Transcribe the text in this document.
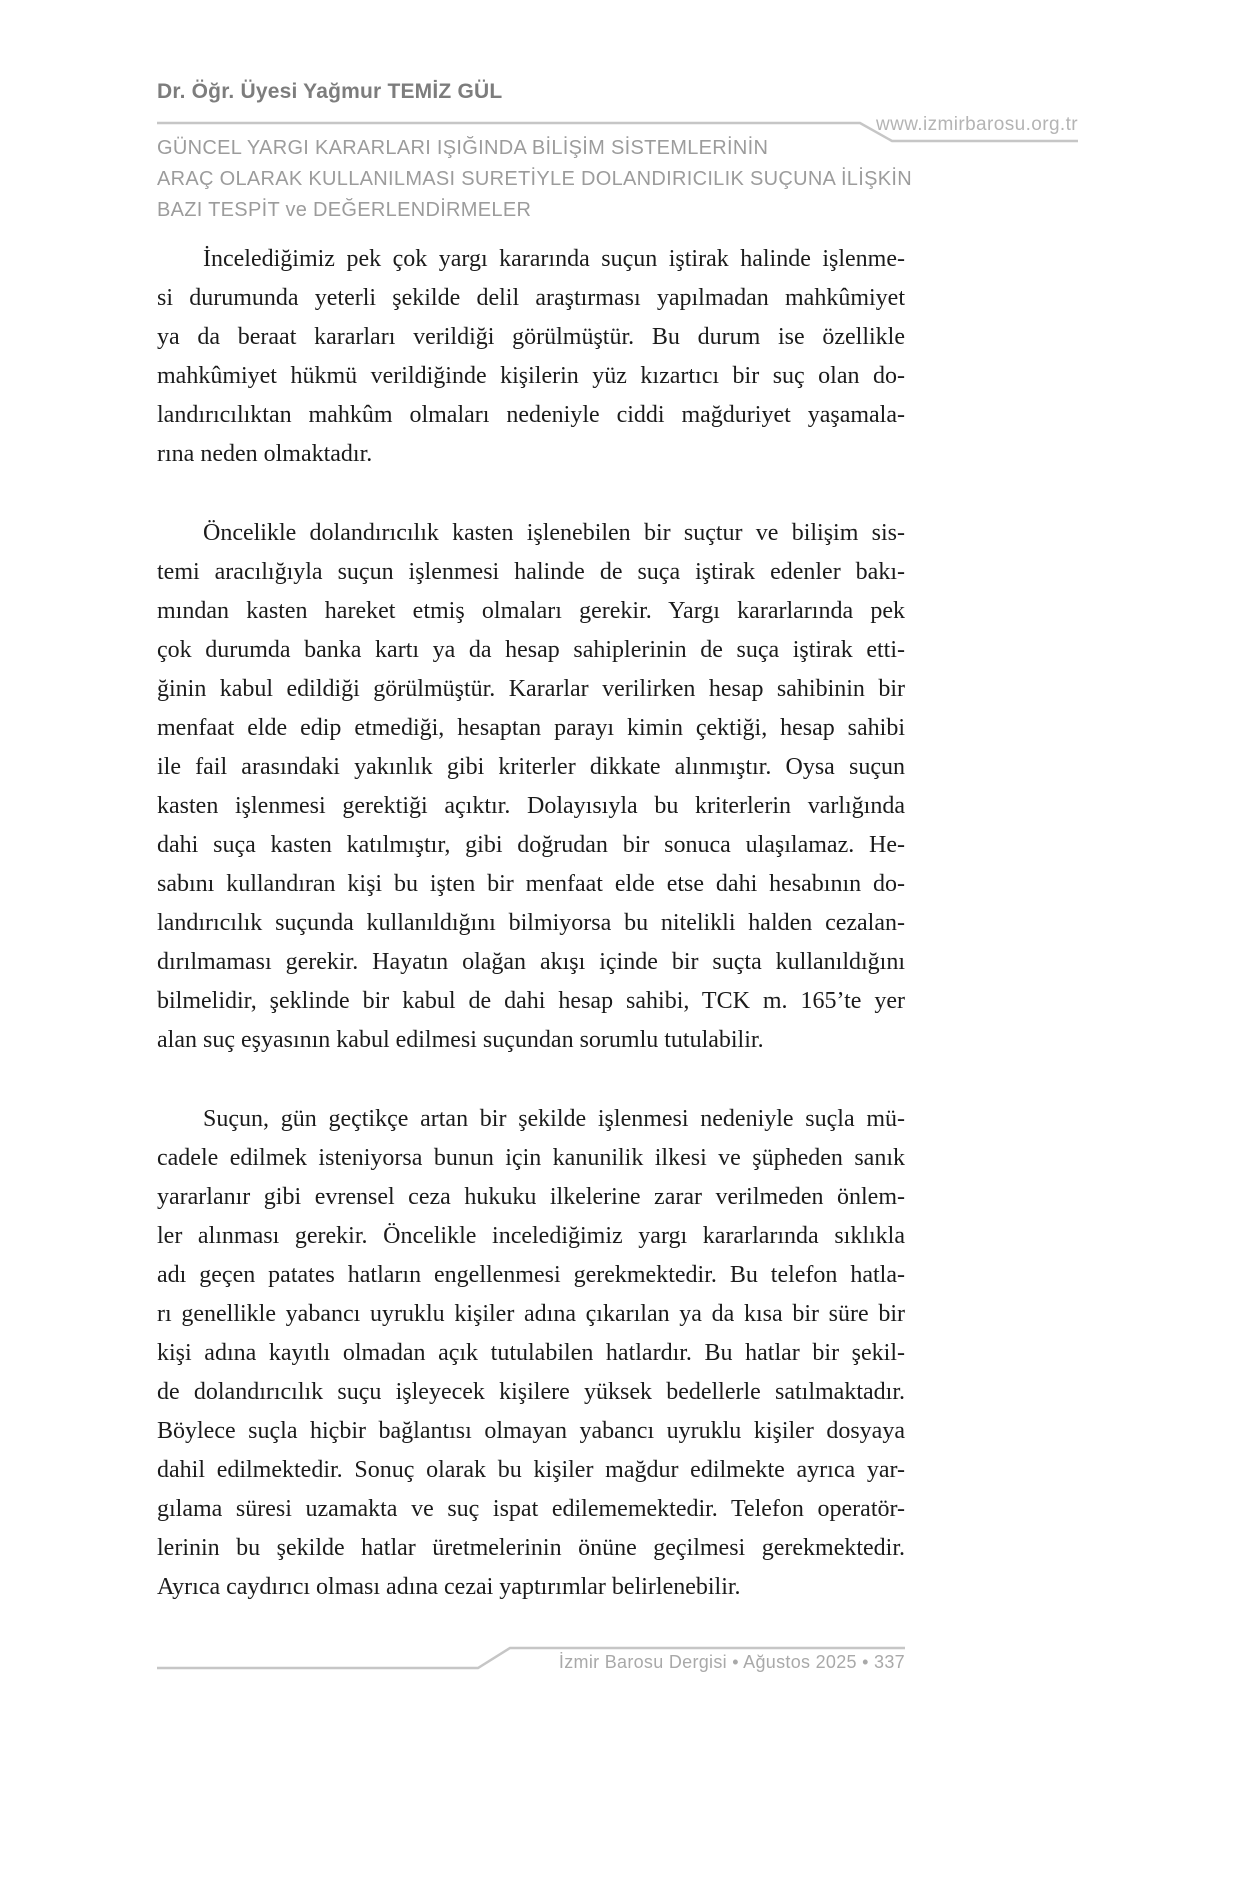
Dr. Öğr. Üyesi Yağmur TEMİZ GÜL
www.izmirbarosu.org.tr
GÜNCEL YARGI KARARLARI IŞIĞINDA BİLİŞİM SİSTEMLERİNİN
ARAÇ OLARAK KULLANILMASI SURETİYLE DOLANDIRICILIK SUÇUNA İLİŞKİN
BAZI TESPİT ve DEĞERLENDİRMELER
İncelediğimiz pek çok yargı kararında suçun iştirak halinde işlenme-
si durumunda yeterli şekilde delil araştırması yapılmadan mahkûmiyet
ya da beraat kararları verildiği görülmüştür. Bu durum ise özellikle
mahkûmiyet hükmü verildiğinde kişilerin yüz kızartıcı bir suç olan do-
landırıcılıktan mahkûm olmaları nedeniyle ciddi mağduriyet yaşamala-
rına neden olmaktadır.
Öncelikle dolandırıcılık kasten işlenebilen bir suçtur ve bilişim sis-
temi aracılığıyla suçun işlenmesi halinde de suça iştirak edenler bakı-
mından kasten hareket etmiş olmaları gerekir. Yargı kararlarında pek
çok durumda banka kartı ya da hesap sahiplerinin de suça iştirak etti-
ğinin kabul edildiği görülmüştür. Kararlar verilirken hesap sahibinin bir
menfaat elde edip etmediği, hesaptan parayı kimin çektiği, hesap sahibi
ile fail arasındaki yakınlık gibi kriterler dikkate alınmıştır. Oysa suçun
kasten işlenmesi gerektiği açıktır. Dolayısıyla bu kriterlerin varlığında
dahi suça kasten katılmıştır, gibi doğrudan bir sonuca ulaşılamaz. He-
sabını kullandıran kişi bu işten bir menfaat elde etse dahi hesabının do-
landırıcılık suçunda kullanıldığını bilmiyorsa bu nitelikli halden cezalan-
dırılmaması gerekir. Hayatın olağan akışı içinde bir suçta kullanıldığını
bilmelidir, şeklinde bir kabul de dahi hesap sahibi, TCK m. 165’te yer
alan suç eşyasının kabul edilmesi suçundan sorumlu tutulabilir.
Suçun, gün geçtikçe artan bir şekilde işlenmesi nedeniyle suçla mü-
cadele edilmek isteniyorsa bunun için kanunilik ilkesi ve şüpheden sanık
yararlanır gibi evrensel ceza hukuku ilkelerine zarar verilmeden önlem-
ler alınması gerekir. Öncelikle incelediğimiz yargı kararlarında sıklıkla
adı geçen patates hatların engellenmesi gerekmektedir. Bu telefon hatla-
rı genellikle yabancı uyruklu kişiler adına çıkarılan ya da kısa bir süre bir
kişi adına kayıtlı olmadan açık tutulabilen hatlardır. Bu hatlar bir şekil-
de dolandırıcılık suçu işleyecek kişilere yüksek bedellerle satılmaktadır.
Böylece suçla hiçbir bağlantısı olmayan yabancı uyruklu kişiler dosyaya
dahil edilmektedir. Sonuç olarak bu kişiler mağdur edilmekte ayrıca yar-
gılama süresi uzamakta ve suç ispat edilememektedir. Telefon operatör-
lerinin bu şekilde hatlar üretmelerinin önüne geçilmesi gerekmektedir.
Ayrıca caydırıcı olması adına cezai yaptırımlar belirlenebilir.
İzmir Barosu Dergisi • Ağustos 2025 • 337
